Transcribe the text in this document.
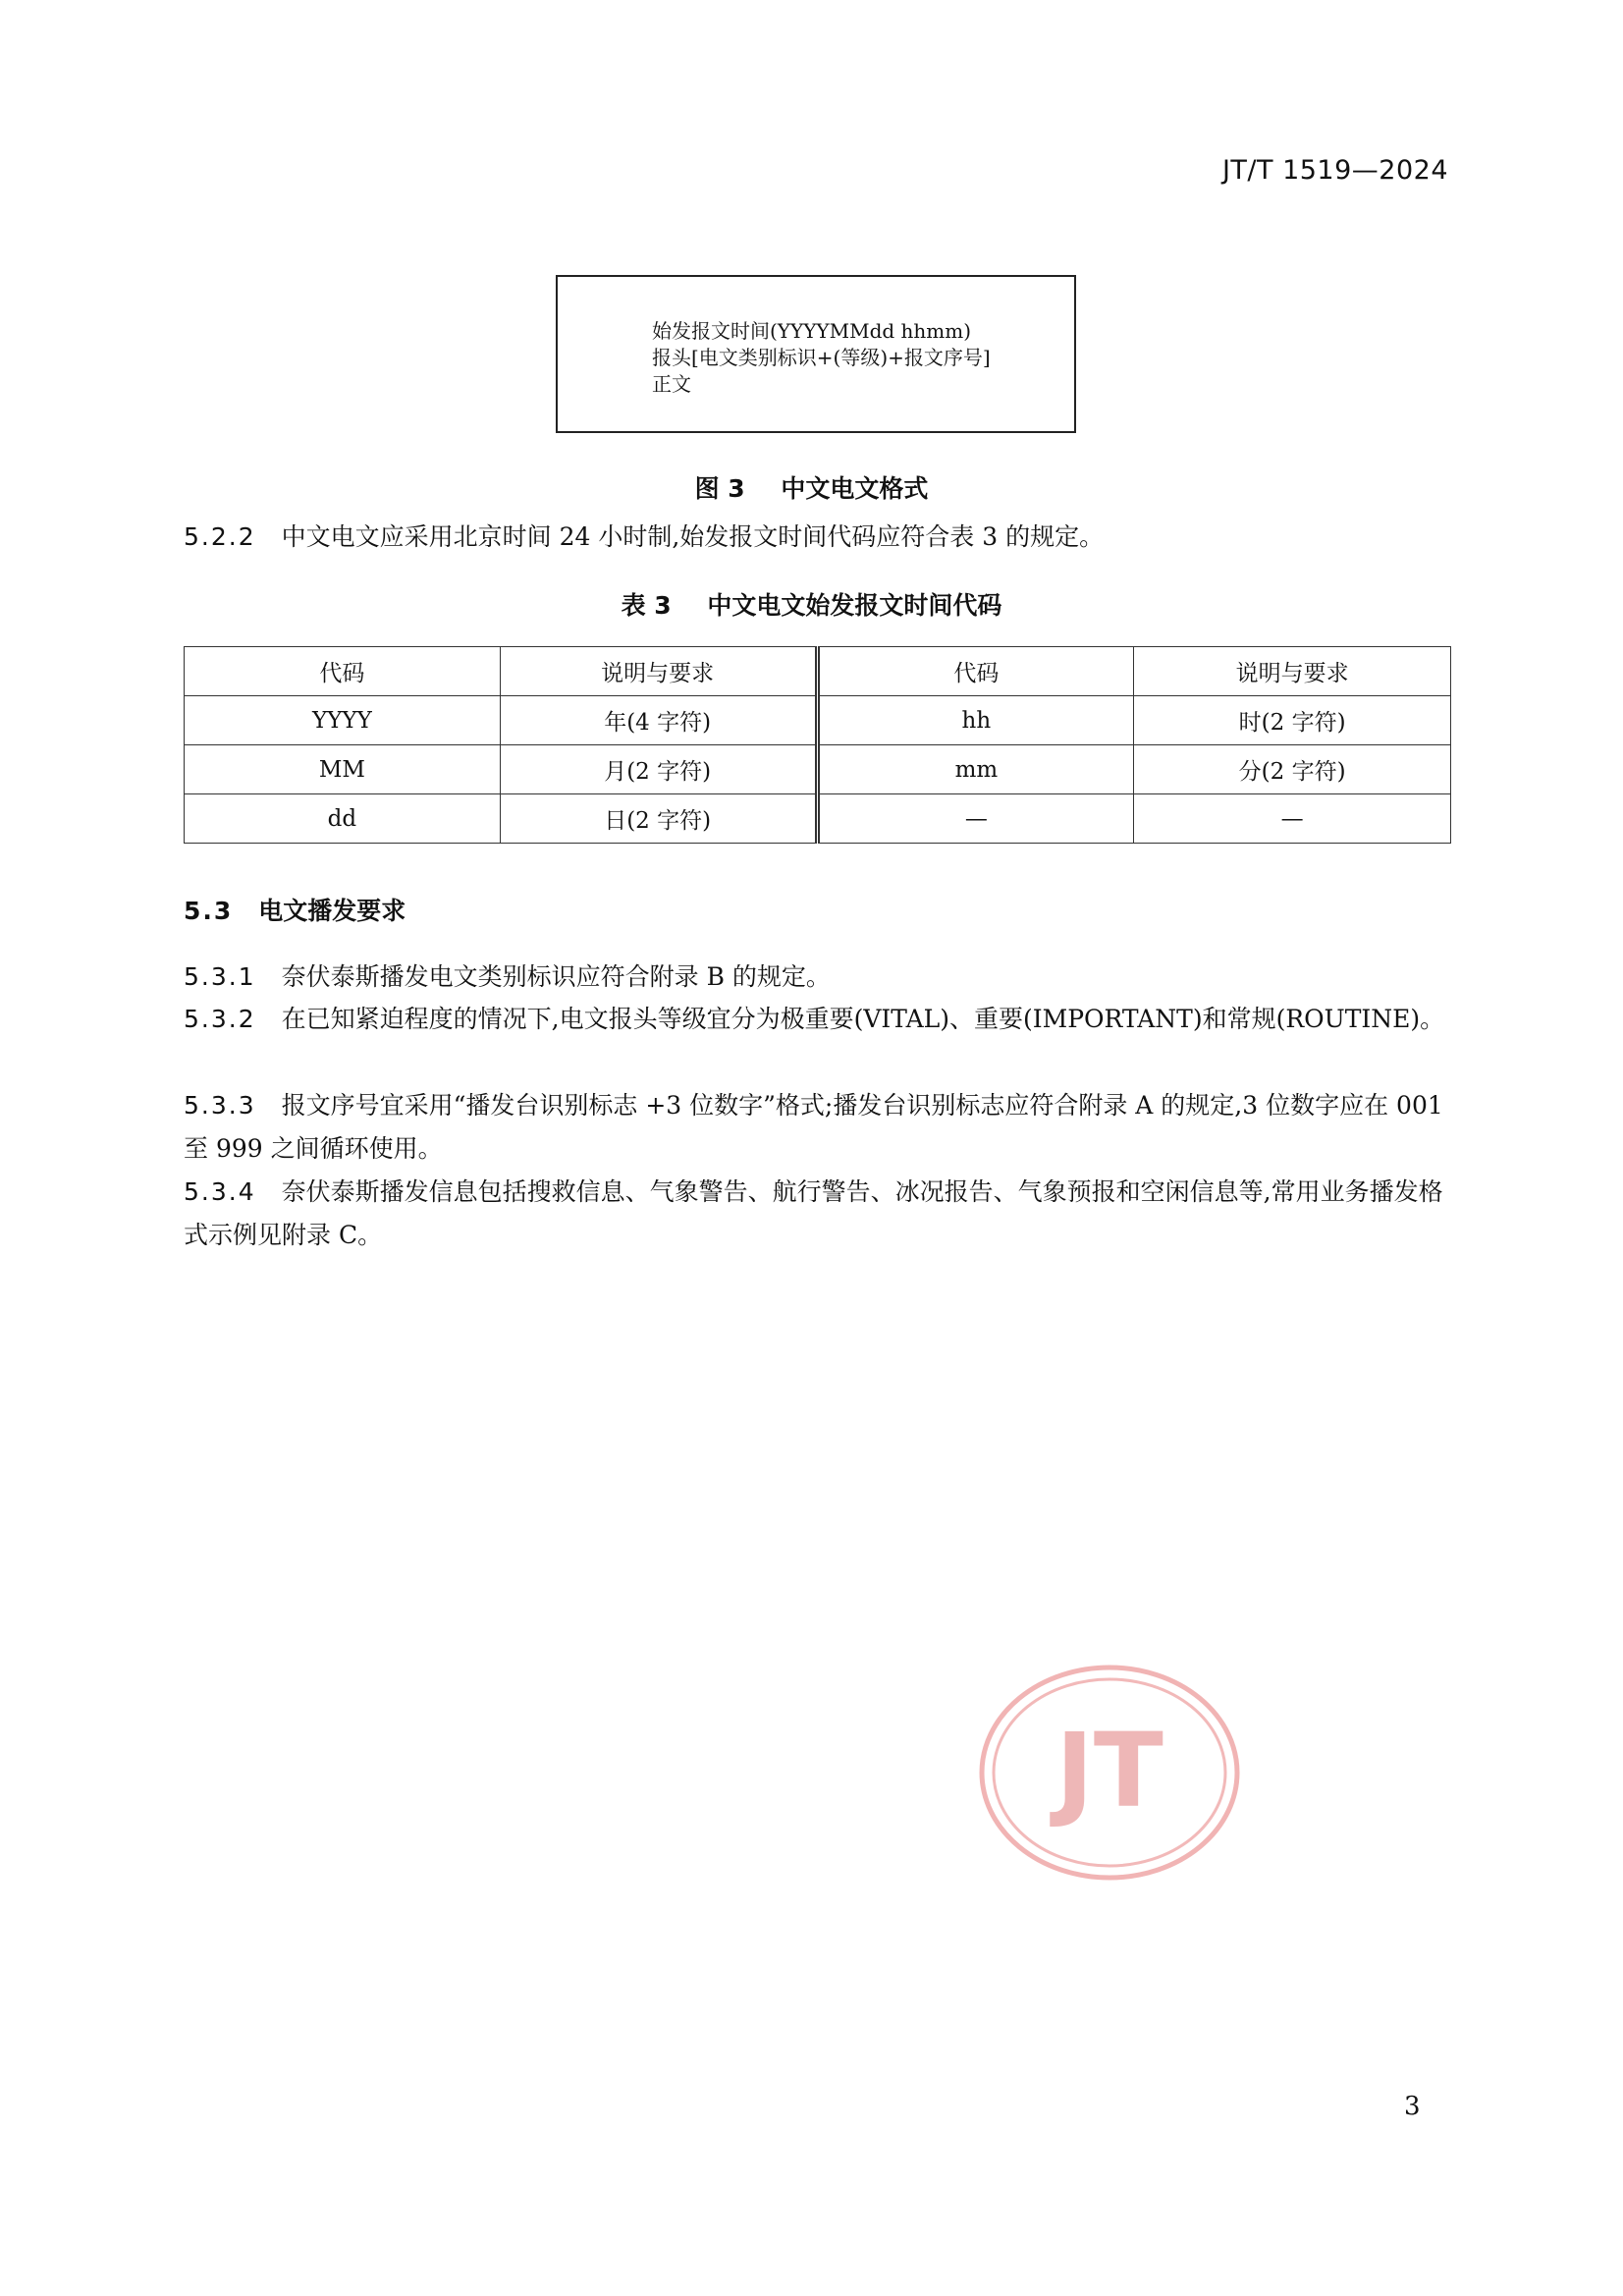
JT/T 1519—2024
始发报文时间(YYYYMMdd hhmm)
报头[电文类别标识+(等级)+报文序号]
正文
图 3 中文电文格式
5.2.2 中文电文应采用北京时间 24 小时制,始发报文时间代码应符合表 3 的规定。
表 3 中文电文始发报文时间代码
代码	说明与要求	代码	说明与要求
YYYY	年(4 字符)	hh	时(2 字符)
MM	月(2 字符)	mm	分(2 字符)
dd	日(2 字符)	—	—
5.3 电文播发要求
5.3.1 奈伏泰斯播发电文类别标识应符合附录 B 的规定。
5.3.2 在已知紧迫程度的情况下,电文报头等级宜分为极重要(VITAL)、重要(IMPORTANT)和常规(ROUTINE)。
5.3.3 报文序号宜采用“播发台识别标志 +3 位数字”格式;播发台识别标志应符合附录 A 的规定,3 位数字应在 001 至 999 之间循环使用。
5.3.4 奈伏泰斯播发信息包括搜救信息、气象警告、航行警告、冰况报告、气象预报和空闲信息等,常用业务播发格式示例见附录 C。
JT
3
